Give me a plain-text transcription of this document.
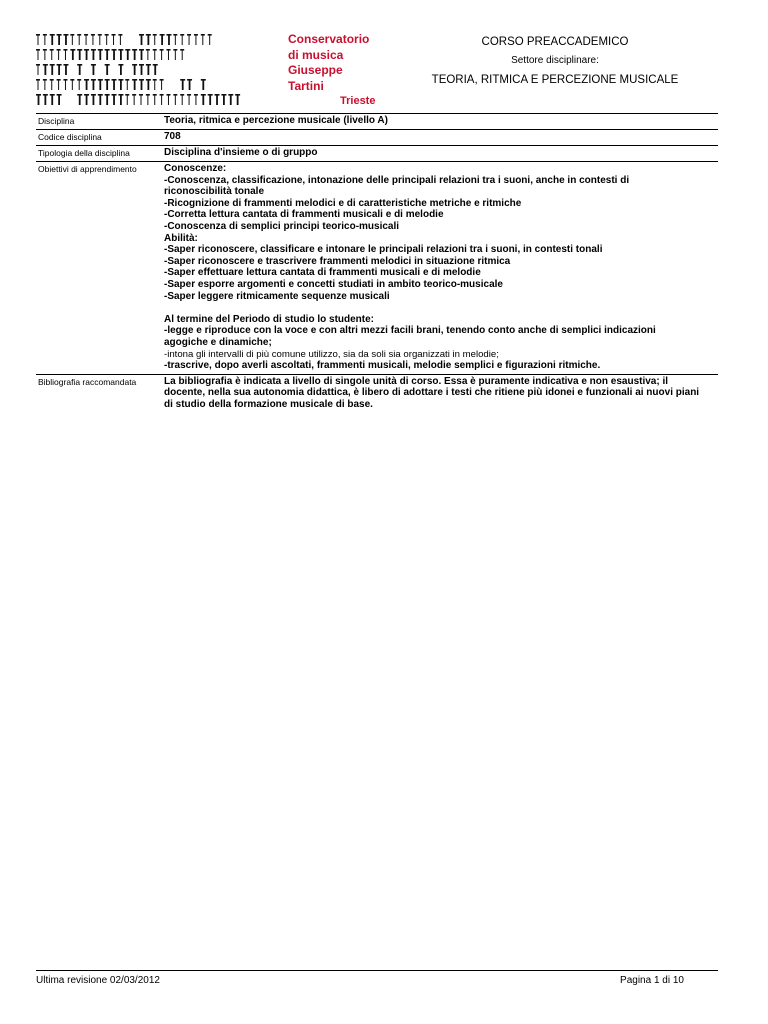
Conservatorio
di musica
Giuseppe
Tartini
Trieste
CORSO PREACCADEMICO
Settore disciplinare:
TEORIA, RITMICA E PERCEZIONE MUSICALE
Disciplina	Teoria, ritmica e percezione musicale (livello A)
Codice disciplina	708
Tipologia della disciplina	Disciplina d'insieme o di gruppo
Obiettivi di apprendimento	Conoscenze:
-Conoscenza, classificazione, intonazione delle principali relazioni tra i suoni, anche in contesti di
riconoscibilità tonale
-Ricognizione di frammenti melodici e di caratteristiche metriche e ritmiche
-Corretta lettura cantata di frammenti musicali e di melodie
-Conoscenza di semplici principi teorico-musicali
Abilità:
-Saper riconoscere, classificare e intonare le principali relazioni tra i suoni, in contesti tonali
-Saper riconoscere e trascrivere frammenti melodici in situazione ritmica
-Saper effettuare lettura cantata di frammenti musicali e di melodie
-Saper esporre argomenti e concetti studiati in ambito teorico-musicale
-Saper leggere ritmicamente sequenze musicali
Al termine del Periodo di studio lo studente:
-legge e riproduce con la voce e con altri mezzi facili brani, tenendo conto anche di semplici indicazioni
agogiche e dinamiche;
-intona gli intervalli di più comune utilizzo, sia da soli sia organizzati in melodie;
-trascrive, dopo averli ascoltati, frammenti musicali, melodie semplici e figurazioni ritmiche.
Bibliografia raccomandata	La bibliografia è indicata a livello di singole unità di corso. Essa è puramente indicativa e non esaustiva; il
docente, nella sua autonomia didattica, è libero di adottare i testi che ritiene più idonei e funzionali ai nuovi piani
di studio della formazione musicale di base.
Ultima revisione 02/03/2012	Pagina 1 di 10
